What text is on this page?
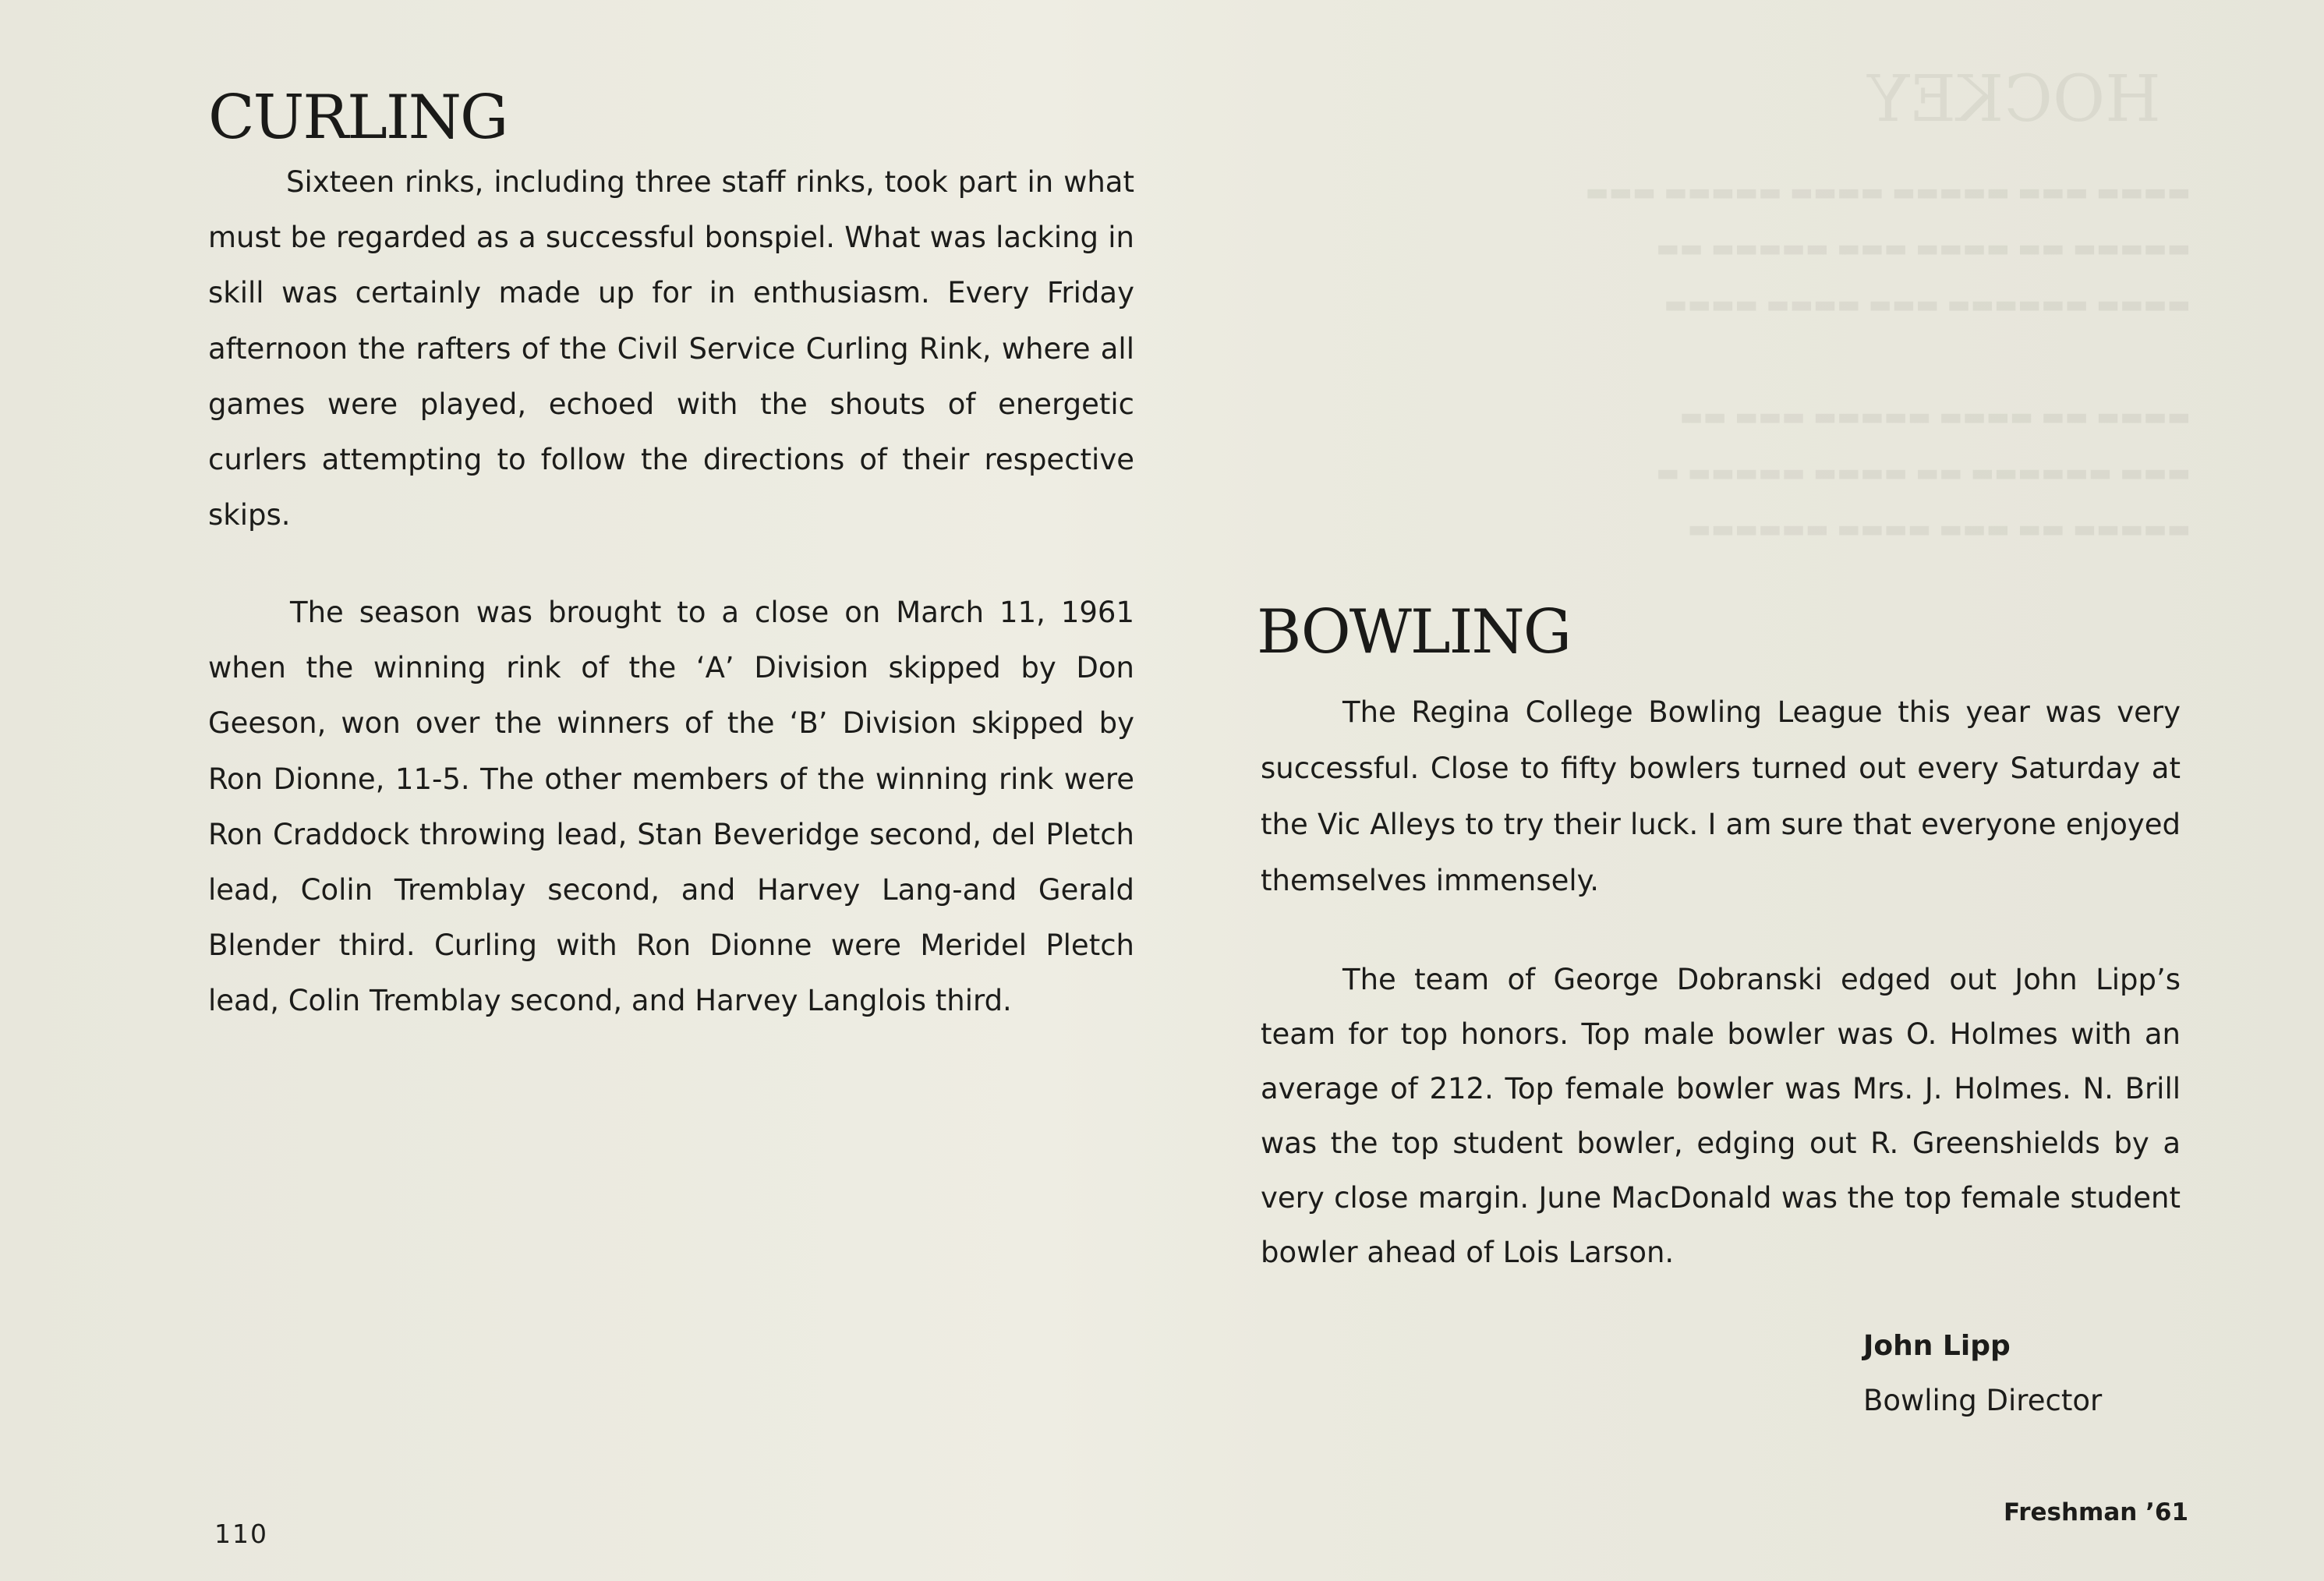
HOCKEY
▬▬▬▬ ▬▬▬ ▬▬▬▬▬ ▬▬▬▬ ▬▬▬▬▬ ▬▬▬
▬▬▬▬▬ ▬▬ ▬▬▬▬ ▬▬▬ ▬▬▬▬▬ ▬▬
▬▬▬▬ ▬▬▬▬▬▬ ▬▬▬ ▬▬▬▬ ▬▬▬▬

▬▬▬▬ ▬▬ ▬▬▬▬ ▬▬▬▬▬ ▬▬▬ ▬▬
▬▬▬ ▬▬▬▬▬▬ ▬▬ ▬▬▬▬ ▬▬▬▬▬ ▬
▬▬▬▬▬ ▬▬ ▬▬▬ ▬▬▬▬ ▬▬▬▬▬▬
CURLING

Sixteen rinks, including three staff rinks, took part in what must be regarded as a successful bonspiel. What was lacking in skill was certainly made up for in enthusiasm. Every Friday afternoon the rafters of the Civil Service Curling Rink, where all games were played, echoed with the shouts of energetic curlers attempting to follow the directions of their respective skips.

The season was brought to a close on March 11, 1961 when the winning rink of the ‘A’ Division skipped by Don Geeson, won over the winners of the ‘B’ Division skipped by Ron Dionne, 11-5. The other members of the winning rink were Ron Craddock throwing lead, Stan Beveridge second, del Pletch lead, Colin Tremblay second, and Harvey Lang-and Gerald Blender third. Curling with Ron Dionne were Meridel Pletch lead, Colin Tremblay second, and Harvey Langlois third.

BOWLING

The Regina College Bowling League this year was very successful. Close to fifty bowlers turned out every Saturday at the Vic Alleys to try their luck. I am sure that everyone enjoyed themselves immensely.

The team of George Dobranski edged out John Lipp’s team for top honors. Top male bowler was O. Holmes with an average of 212. Top female bowler was Mrs. J. Holmes. N. Brill was the top student bowler, edging out R. Greenshields by a very close margin. June MacDonald was the top female student bowler ahead of Lois Larson.

John Lipp

Bowling Director

110
Freshman ’61
